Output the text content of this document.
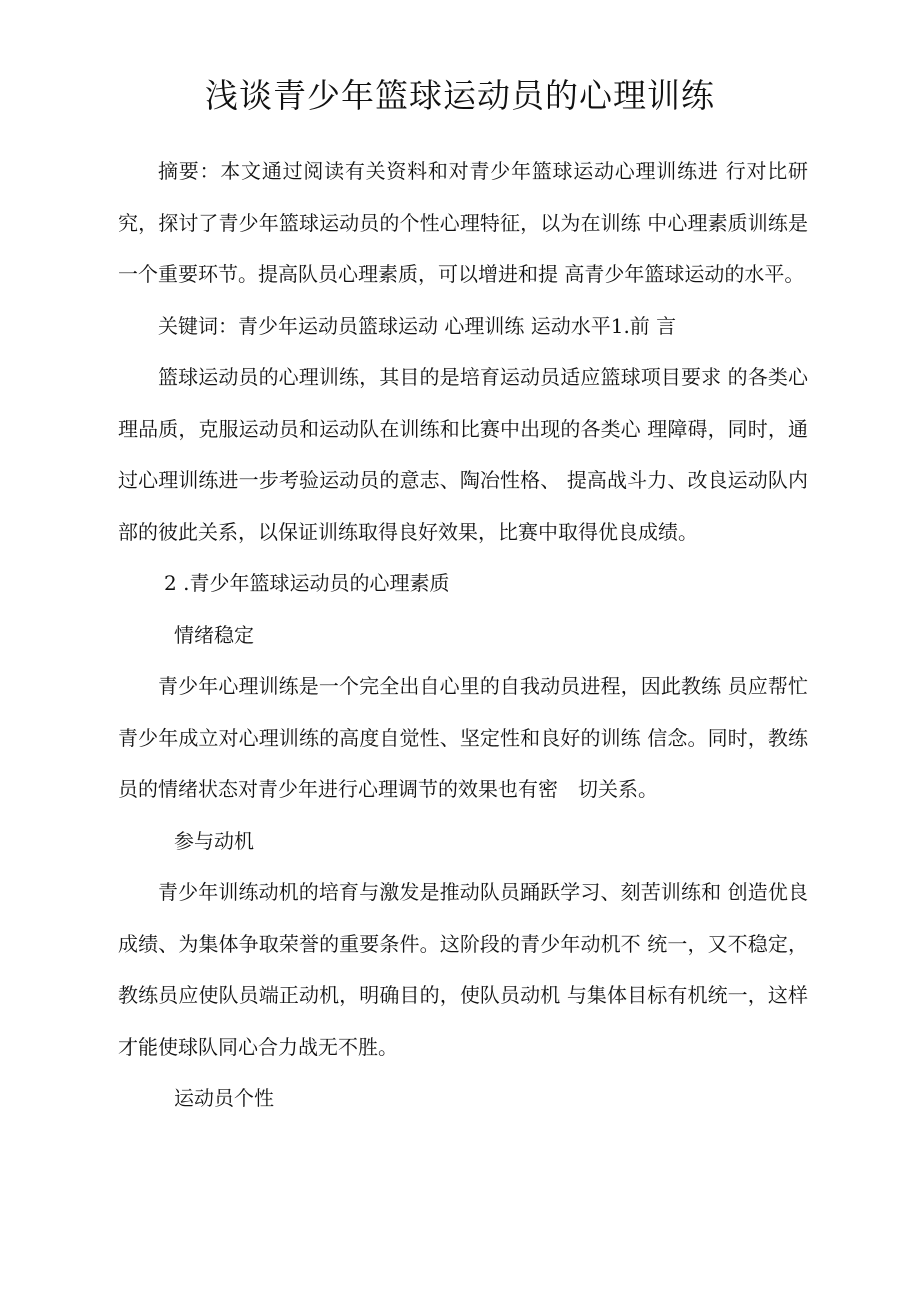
浅谈青少年篮球运动员的心理训练

摘要：本文通过阅读有关资料和对青少年篮球运动心理训练进 行对比研究，探讨了青少年篮球运动员的个性心理特征，以为在训练 中心理素质训练是一个重要环节。提高队员心理素质，可以增进和提 高青少年篮球运动的水平。

关键词：青少年运动员篮球运动 心理训练 运动水平1.前 言

篮球运动员的心理训练，其目的是培育运动员适应篮球项目要求 的各类心理品质，克服运动员和运动队在训练和比赛中出现的各类心 理障碍，同时，通过心理训练进一步考验运动员的意志、陶冶性格、 提高战斗力、改良运动队内部的彼此关系，以保证训练取得良好效果，比赛中取得优良成绩。

2 .青少年篮球运动员的心理素质

情绪稳定

青少年心理训练是一个完全出自心里的自我动员进程，因此教练 员应帮忙青少年成立对心理训练的高度自觉性、坚定性和良好的训练 信念。同时，教练员的情绪状态对青少年进行心理调节的效果也有密　切关系。

参与动机

青少年训练动机的培育与激发是推动队员踊跃学习、刻苦训练和 创造优良成绩、为集体争取荣誉的重要条件。这阶段的青少年动机不 统一，又不稳定，教练员应使队员端正动机，明确目的，使队员动机 与集体目标有机统一，这样才能使球队同心合力战无不胜。

运动员个性
